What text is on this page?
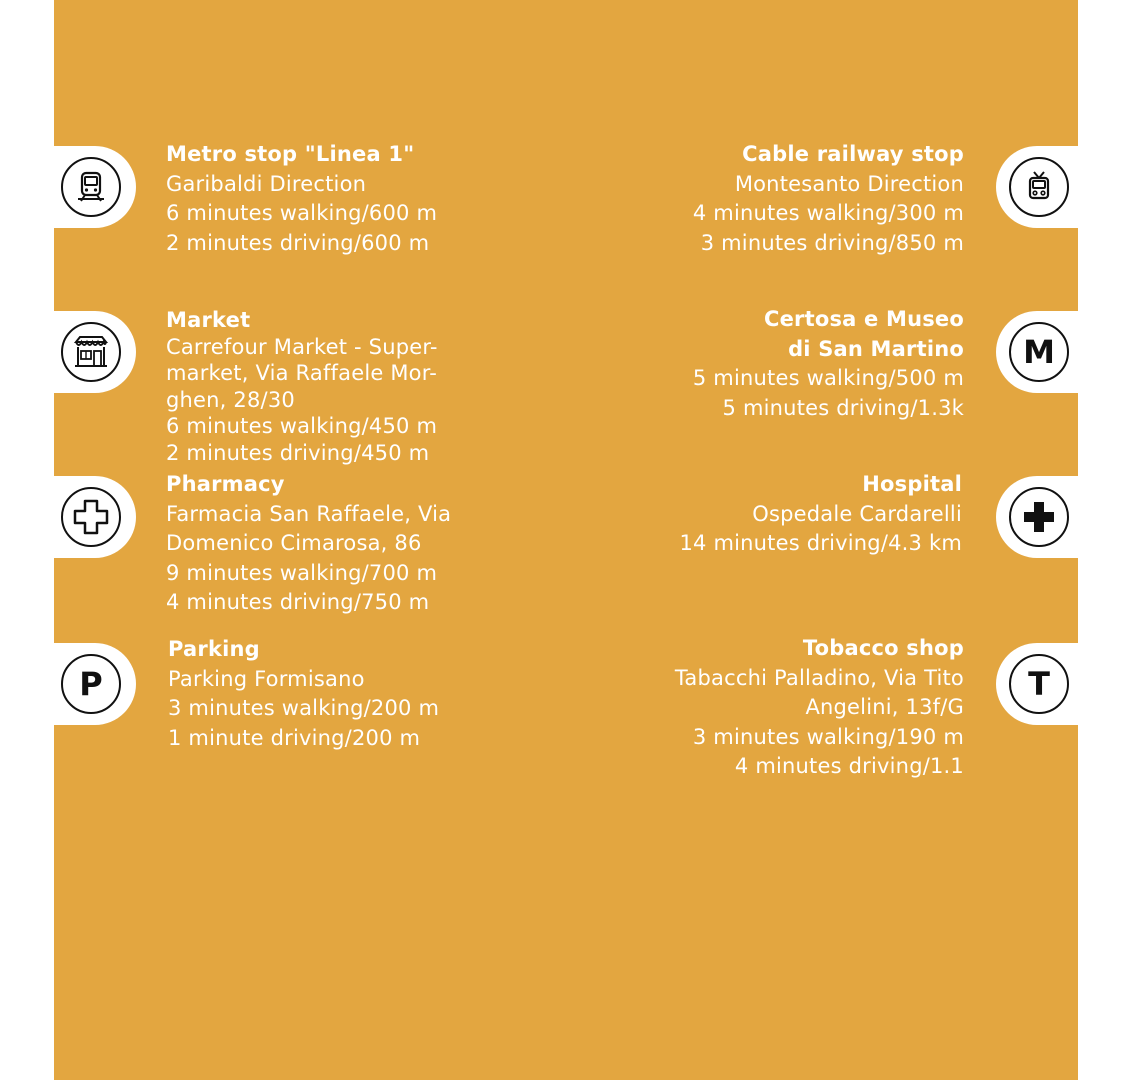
Metro stop "Linea 1"
Garibaldi Direction
6 minutes walking/600 m
2 minutes driving/600 m
Cable railway stop
Montesanto Direction
4 minutes walking/300 m
3 minutes driving/850 m
Market
Carrefour Market - Super-
market, Via Raffaele Mor-
ghen, 28/30
6 minutes walking/450 m
2 minutes driving/450 m
M
Certosa e Museo
di San Martino
5 minutes walking/500 m
5 minutes driving/1.3k
Pharmacy
Farmacia San Raffaele, Via
Domenico Cimarosa, 86
9 minutes walking/700 m
4 minutes driving/750 m
Hospital
Ospedale Cardarelli
14 minutes driving/4.3 km
P
Parking
Parking Formisano
3 minutes walking/200 m
1 minute driving/200 m
T
Tobacco shop
Tabacchi Palladino, Via Tito
Angelini, 13f/G
3 minutes walking/190 m
4 minutes driving/1.1
